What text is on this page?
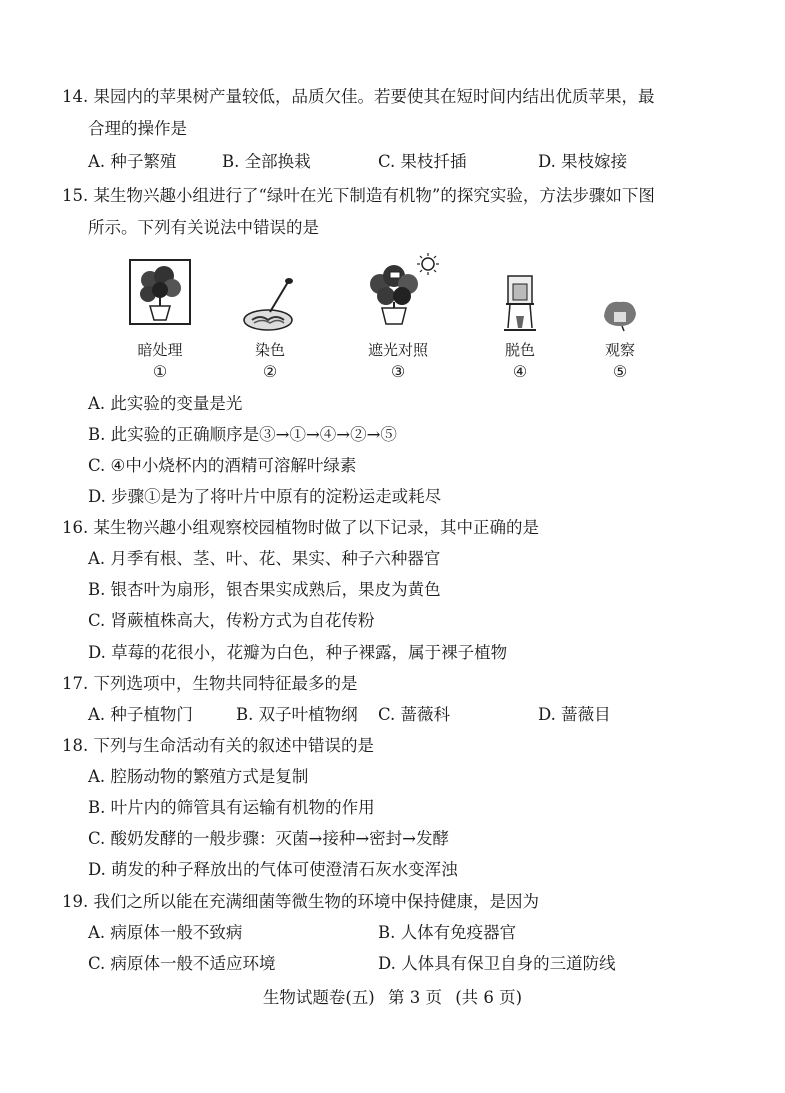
14. 果园内的苹果树产量较低，品质欠佳。若要使其在短时间内结出优质苹果，最
合理的操作是
A. 种子繁殖	B. 全部换栽	C. 果枝扦插	D. 果枝嫁接
15. 某生物兴趣小组进行了“绿叶在光下制造有机物”的探究实验，方法步骤如下图
所示。下列有关说法中错误的是
暗处理	染色	遮光对照	脱色	观察
①	②	③	④	⑤
A. 此实验的变量是光
B. 此实验的正确顺序是③→①→④→②→⑤
C. ④中小烧杯内的酒精可溶解叶绿素
D. 步骤①是为了将叶片中原有的淀粉运走或耗尽
16. 某生物兴趣小组观察校园植物时做了以下记录，其中正确的是
A. 月季有根、茎、叶、花、果实、种子六种器官
B. 银杏叶为扇形，银杏果实成熟后，果皮为黄色
C. 肾蕨植株高大，传粉方式为自花传粉
D. 草莓的花很小，花瓣为白色，种子裸露，属于裸子植物
17. 下列选项中，生物共同特征最多的是
A. 种子植物门	B. 双子叶植物纲 C. 蔷薇科	D. 蔷薇目
18. 下列与生命活动有关的叙述中错误的是
A. 腔肠动物的繁殖方式是复制
B. 叶片内的筛管具有运输有机物的作用
C. 酸奶发酵的一般步骤：灭菌→接种→密封→发酵
D. 萌发的种子释放出的气体可使澄清石灰水变浑浊
19. 我们之所以能在充满细菌等微生物的环境中保持健康，是因为
A. 病原体一般不致病	B. 人体有免疫器官
C. 病原体一般不适应环境	D. 人体具有保卫自身的三道防线
生物试题卷(五) 第 3 页 (共 6 页)
